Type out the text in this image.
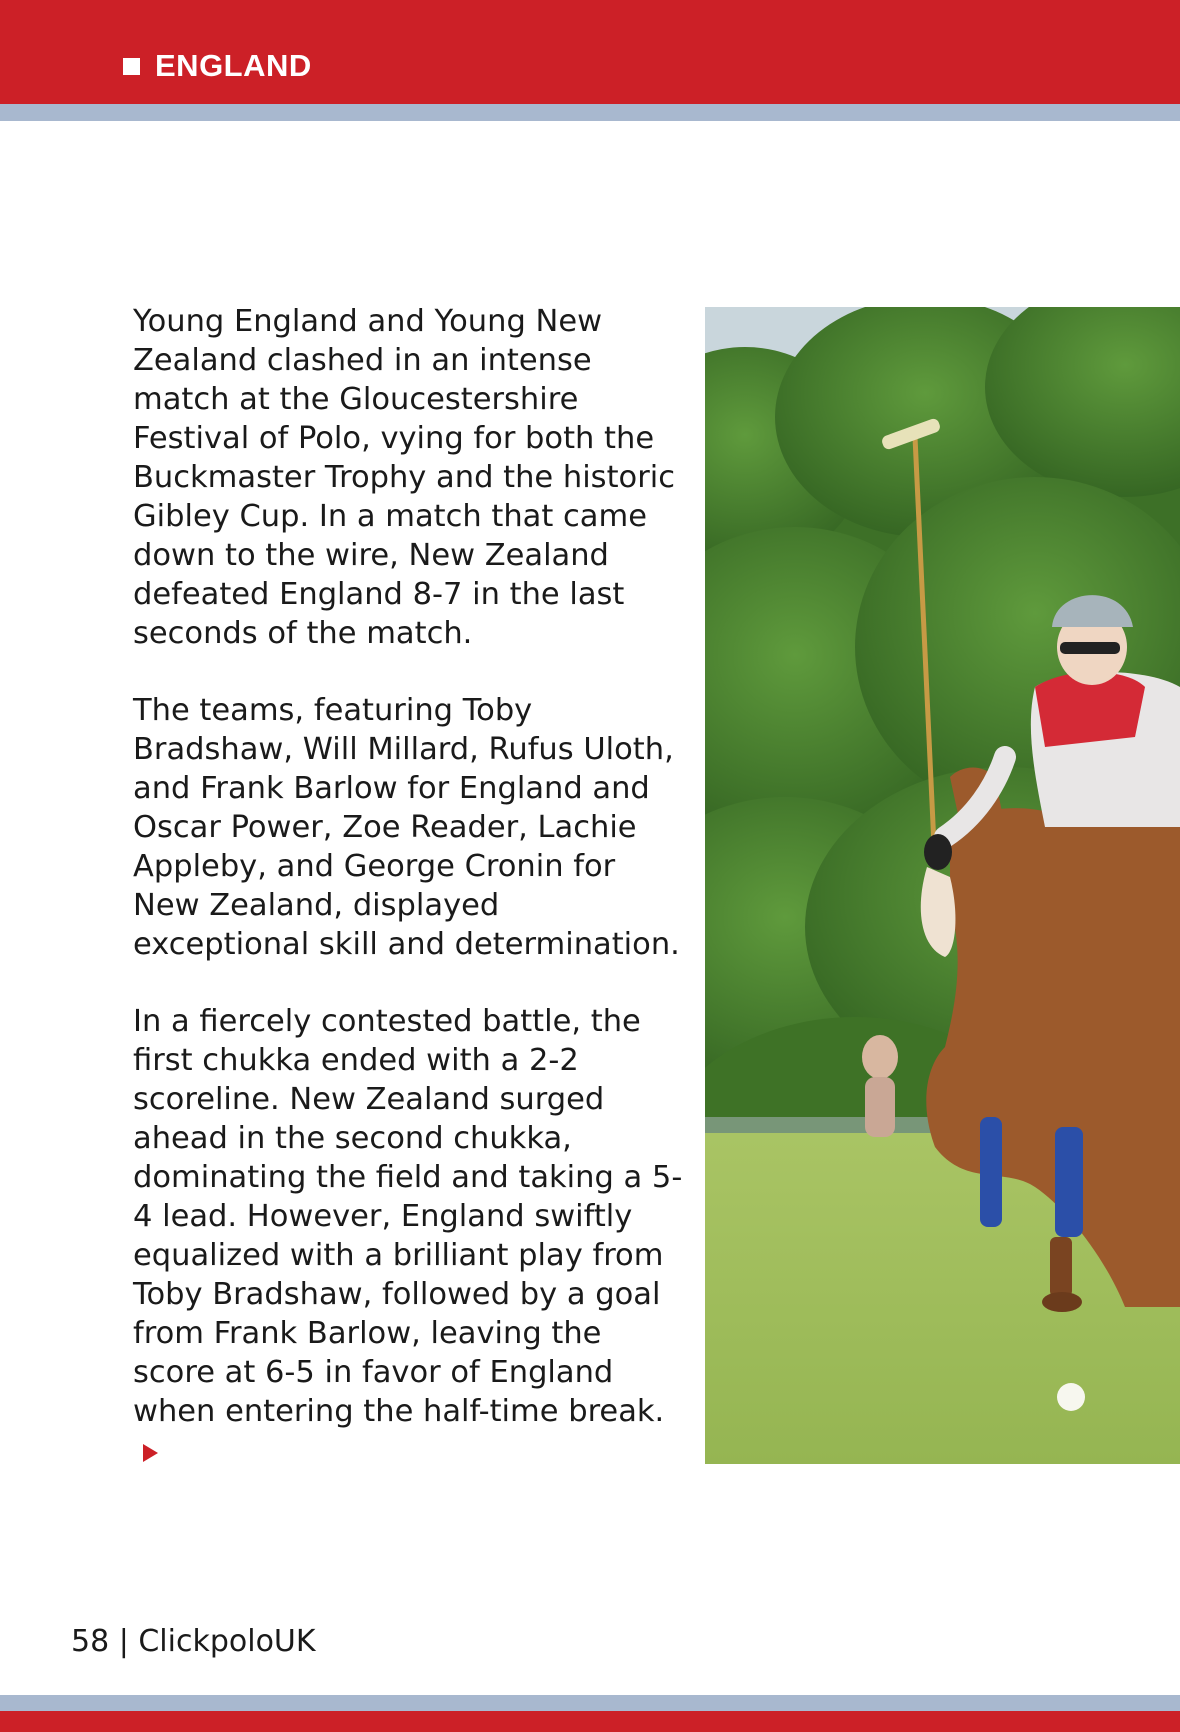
ENGLAND

Young England and Young New Zealand clashed in an intense match at the Gloucestershire Festival of Polo, vying for both the Buckmaster Trophy and the historic Gibley Cup. In a match that came down to the wire, New Zealand defeated England 8-7 in the last seconds of the match.

The teams, featuring Toby Bradshaw, Will Millard, Rufus Uloth, and Frank Barlow for England and Oscar Power, Zoe Reader, Lachie Appleby, and George Cronin for New Zealand, displayed exceptional skill and determination.

In a fiercely contested battle, the first chukka ended with a 2-2 scoreline. New Zealand surged ahead in the second chukka, dominating the field and taking a 5-4 lead. However, England swiftly equalized with a brilliant play from Toby Bradshaw, followed by a goal from Frank Barlow, leaving the score at 6-5 in favor of England when entering the half-time break.

58 | ClickpoloUK
